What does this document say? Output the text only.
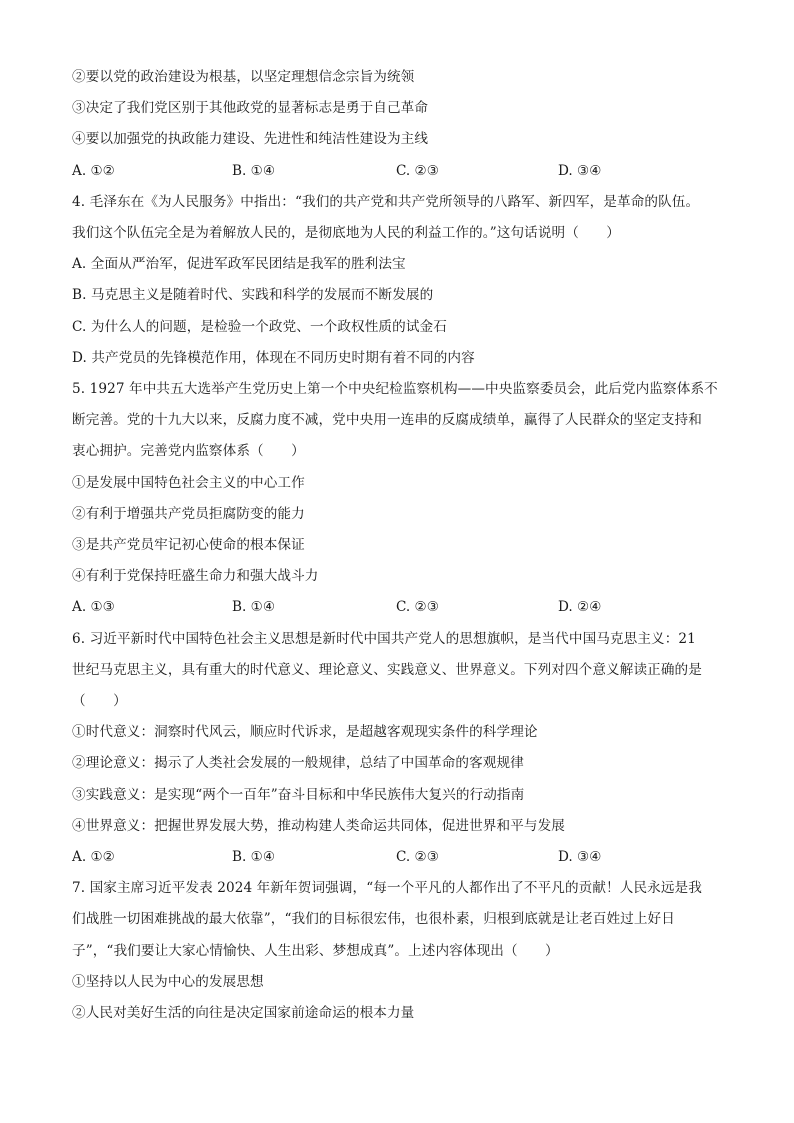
②要以党的政治建设为根基，以坚定理想信念宗旨为统领
③决定了我们党区别于其他政党的显著标志是勇于自己革命
④要以加强党的执政能力建设、先进性和纯洁性建设为主线
A. ①②	B. ①④	C. ②③	D. ③④
4. 毛泽东在《为人民服务》中指出：“我们的共产党和共产党所领导的八路军、新四军，是革命的队伍。
我们这个队伍完全是为着解放人民的，是彻底地为人民的利益工作的。”这句话说明（　　）
A. 全面从严治军，促进军政军民团结是我军的胜利法宝
B. 马克思主义是随着时代、实践和科学的发展而不断发展的
C. 为什么人的问题，是检验一个政党、一个政权性质的试金石
D. 共产党员的先锋模范作用，体现在不同历史时期有着不同的内容
5. 1927 年中共五大选举产生党历史上第一个中央纪检监察机构——中央监察委员会，此后党内监察体系不
断完善。党的十九大以来，反腐力度不减，党中央用一连串的反腐成绩单，赢得了人民群众的坚定支持和
衷心拥护。完善党内监察体系（　　）
①是发展中国特色社会主义的中心工作
②有利于增强共产党员拒腐防变的能力
③是共产党员牢记初心使命的根本保证
④有利于党保持旺盛生命力和强大战斗力
A. ①③	B. ①④	C. ②③	D. ②④
6. 习近平新时代中国特色社会主义思想是新时代中国共产党人的思想旗帜，是当代中国马克思主义：21
世纪马克思主义，具有重大的时代意义、理论意义、实践意义、世界意义。下列对四个意义解读正确的是
（　　）
①时代意义：洞察时代风云，顺应时代诉求，是超越客观现实条件的科学理论
②理论意义：揭示了人类社会发展的一般规律，总结了中国革命的客观规律
③实践意义：是实现“两个一百年”奋斗目标和中华民族伟大复兴的行动指南
④世界意义：把握世界发展大势，推动构建人类命运共同体，促进世界和平与发展
A. ①②	B. ①④	C. ②③	D. ③④
7. 国家主席习近平发表 2024 年新年贺词强调，“每一个平凡的人都作出了不平凡的贡献！人民永远是我
们战胜一切困难挑战的最大依靠”，“我们的目标很宏伟，也很朴素，归根到底就是让老百姓过上好日
子”，“我们要让大家心情愉快、人生出彩、梦想成真”。上述内容体现出（　　）
①坚持以人民为中心的发展思想
②人民对美好生活的向往是决定国家前途命运的根本力量
